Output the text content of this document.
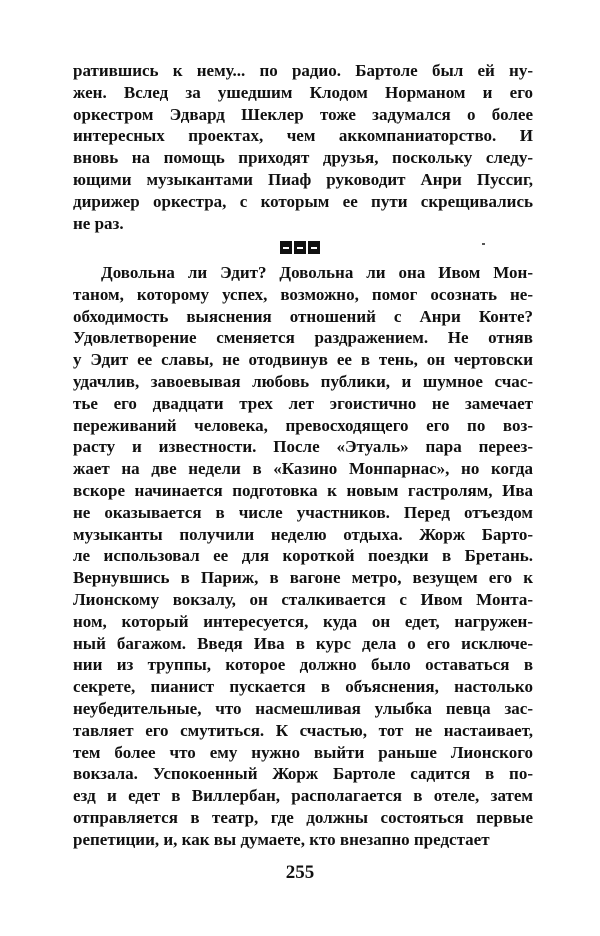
ратившись к нему... по радио. Бартоле был ей ну-
жен. Вслед за ушедшим Клодом Норманом и его
оркестром Эдвард Шеклер тоже задумался о более
интересных проектах, чем аккомпаниаторство. И
вновь на помощь приходят друзья, поскольку следу-
ющими музыкантами Пиаф руководит Анри Пуссиг,
дирижер оркестра, с которым ее пути скрещивались
не раз.
Довольна ли Эдит? Довольна ли она Ивом Мон-
таном, которому успех, возможно, помог осознать не-
обходимость выяснения отношений с Анри Конте?
Удовлетворение сменяется раздражением. Не отняв
у Эдит ее славы, не отодвинув ее в тень, он чертовски
удачлив, завоевывая любовь публики, и шумное счас-
тье его двадцати трех лет эгоистично не замечает
переживаний человека, превосходящего его по воз-
расту и известности. После «Этуаль» пара переез-
жает на две недели в «Казино Монпарнас», но когда
вскоре начинается подготовка к новым гастролям, Ива
не оказывается в числе участников. Перед отъездом
музыканты получили неделю отдыха. Жорж Барто-
ле использовал ее для короткой поездки в Бретань.
Вернувшись в Париж, в вагоне метро, везущем его к
Лионскому вокзалу, он сталкивается с Ивом Монта-
ном, который интересуется, куда он едет, нагружен-
ный багажом. Введя Ива в курс дела о его исключе-
нии из труппы, которое должно было оставаться в
секрете, пианист пускается в объяснения, настолько
неубедительные, что насмешливая улыбка певца зас-
тавляет его смутиться. К счастью, тот не настаивает,
тем более что ему нужно выйти раньше Лионского
вокзала. Успокоенный Жорж Бартоле садится в по-
езд и едет в Виллербан, располагается в отеле, затем
отправляется в театр, где должны состояться первые
репетиции, и, как вы думаете, кто внезапно предстает
255
